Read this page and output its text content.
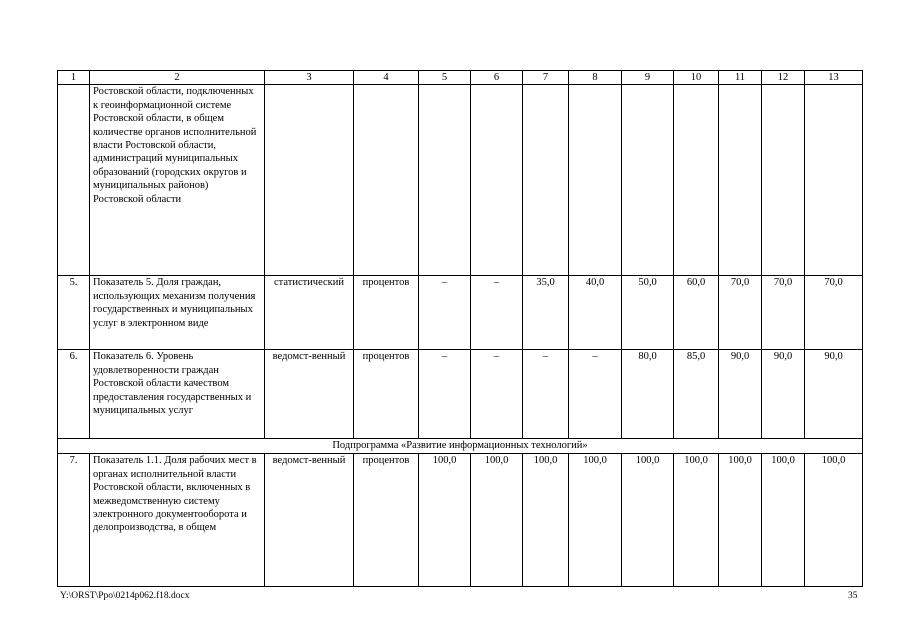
1	2	3	4	5	6	7	8	9	10	11	12	13
	Ростовской области, подключенных к геоинформационной системе Ростовской области, в общем количестве органов исполнительной власти Ростовской области, администраций муниципальных образований (городских округов и муниципальных районов) Ростовской области											
5.	Показатель 5. Доля граждан, использующих механизм получения государственных и муниципальных услуг в электронном виде	статистический	процентов	–	–	35,0	40,0	50,0	60,0	70,0	70,0	70,0
6.	Показатель 6. Уровень удовлетворенности граждан Ростовской области качеством предоставления государственных и муниципальных услуг	ведомст-венный	процентов	–	–	–	–	80,0	85,0	90,0	90,0	90,0
Подпрограмма «Развитие информационных технологий»												
7.	Показатель 1.1. Доля рабочих мест в органах исполнительной власти Ростовской области, включенных в межведомственную систему электронного документооборота и делопроизводства, в общем	ведомст-венный	процентов	100,0	100,0	100,0	100,0	100,0	100,0	100,0	100,0	100,0
Y:\ORST\Ppo\0214p062.f18.docx	35
